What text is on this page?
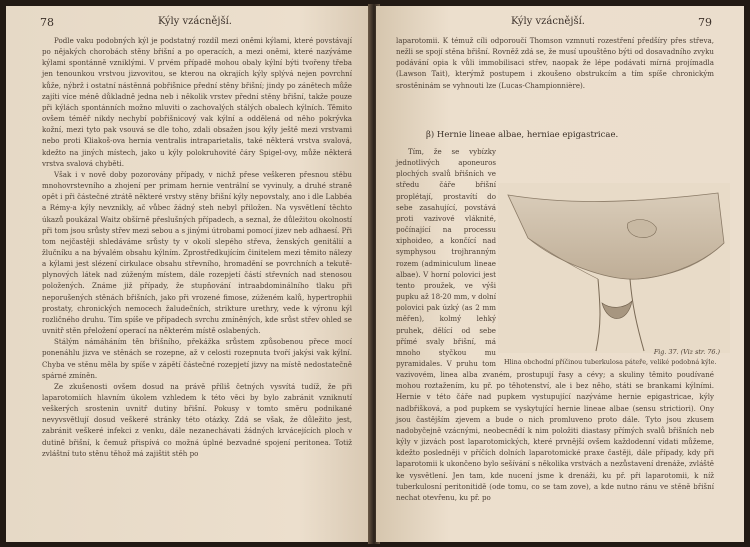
78	Kýly vzácnější.

Podle vaku podobných kýl je podstatný rozdíl mezi oněmi kýlami, které povstávají po nějakých chorobách stěny břišní a po operacích, a mezi oněmi, které nazýváme kýlami spontánně vzniklými. V prvém případě mohou obaly kýlní býti tvořeny třeba jen tenounkou vrstvou jizvovitou, se kterou na okrajích kýly splývá nejen povrchní kůže, nýbrž i ostatní nástěnná pobřišnice přední stěny břišní; jindy po zánětech může zajíti více méně důkladně jedna neb i několik vrstev přední stěny břišní, takže pouze při kýlách spontánních možno mluviti o zachovalých stálých obalech kýlních. Těmito ovšem téměř nikdy nechybí pobřišnicový vak kýlní a oddělená od něho pokrývka kožní, mezi tyto pak vsouvá se dle toho, zdali obsažen jsou kýly ještě mezi vrstvami nebo proti Kliakoš-ova hernia ventralis intraparietalis, také některá vrstva svalová, kdežto na jiných místech, jako u kýly polokruhovité čáry Spigel-ovy, může některá vrstva svalová chyběti.

Však i v nově doby pozorovány případy, v nichž přese veškeren přesnou stěbu mnohovrstevního a zhojení per primam hernie ventrální se vyvinuly, a druhé straně opět i při částečné ztrátě některé vrstvy stěny břišní kýly nepovstaly, ano i dle Labbéa a Rémy-a kýly nevznikly, ač vůbec žádný steh nebyl přiložen. Na vysvětlení těchto úkazů poukázal Waitz obšírně přeslušných případech, a seznal, že důležitou okolností při tom jsou srůsty střev mezi sebou a s jinými útrobami pomocí jizev neb adhaesí. Při tom nejčastěji shledáváme srůsty ty v okolí slepého střeva, ženských genitálií a žlučníku a na bývalém obsahu kýlním. Zprostředkujícím činitelem mezi těmito nálezy a kýlami jest slézení cirkulace obsahu střevního, hromadění se povrchních a tekutě-plynových látek nad zúženým místem, dále rozepjetí částí střevních nad stenosou položených. Známe již případy, že stupňování intraabdominálního tlaku při neporušených stěnách břišních, jako při vrozené fimose, zúženém kalů, hypertrophii prostaty, chronických nemocech žaludečních, strikture urethry, vede k výronu kýl rozličného druhu. Tím spíše ve případech svrchu zmíněných, kde srůst střev ohled se uvnitř stěn přeložení operací na některém místě oslabených.

Stálým námáháním těn břišního, překážka srůstem způsobenou přece mocí ponenáhlu jizva ve stěnách se rozepne, až v celosti rozepnuta tvoří jakýsi vak kýlní. Chyba ve stěnu měla by spíše v zápětí částečné rozepjetí jizvy na místě nedostatečně spárné zmíněn.

Ze zkušenosti ovšem dosud na právě příliš četných vysvítá tudíž, že při laparotomiích hlavním úkolem vzhledem k této věci by bylo zabránit vzniknutí veškerých srostenin uvnitř dutiny břišní. Pokusy v tomto směru podnikané nevyvsvětlují dosud veškeré stránky této otázky. Zdá se však, že důležito jest, zabránit veškeré infekci z venku, dále nezanechávati žádných krvácejících ploch v dutině břišní, k čemuž přispívá co možná úplné bezvadné spojení peritonea. Totiž zvláštní tuto stěnu těhož má zajištit stěh po

Kýly vzácnější.	79

laparotomii. K témuž cíli odporoučí Thomson vzmnutí rozestření předšíry přes střeva, nežli se spojí stěna břišní. Rovněž zdá se, že musí upouštěno býti od dosavadního zvyku podávání opia k vůli immobilisaci střev, naopak že lépe podávati mírná projímadla (Lawson Tait), kterýmž postupem i zkoušeno obstrukcím a tím spíše chronickým srostěninám se vyhnouti lze (Lucas-Championnière).

β) Hernie lineae albae, herniae epigastricae.

Tím, že se vybízky jednotlivých aponeuros plochých svalů břišních ve středu čáře břišní proplétají, prostavítí do sebe zasahující, povstává proti vazivové vláknité, počínající na processu xiphoideo, a končící nad symphysou trojhranným rozem (adminiculum lineae albae). V horní polovici jest tento proužek, ve výši pupku až 18-20 mm, v dolní polovici pak úzký (as 2 mm měřen), kolmý lehký pruhek, dělící od sebe přímé svaly břišní, má mnoho styčkou mu pyramidales. V pruhu tom vazivovém, linea alba zvaném, prostupují řasy a cévy; a skuliny těmito poudívané mohou roztažením, ku př. po těhotenství, ale i bez něho, státi se brankami kýlními. Hernie v této čáře nad pupkem vystupující nazýváme hernie epigastricae, kýly nadbřišková, a pod pupkem se vyskytující hernie lineae albae (sensu strictiori). Ony jsou častějším zjevem a bude o nich promluveno proto dále. Tyto jsou zkusem nadobyčejně vzácnými, neobecnědí k nim položiti diastasy přímých svalů břišních neb kýly v jizvách post laparotomických, které prvnější ovšem každodenní vídati můžeme, kdežto posledněji v příčích dolních laparotomické praxe častěji, dále případy, kdy při laparotomii k ukončeno bylo sešívání s několika vrstvách a nezůstavení drenáže, zvláště ke vysvětlení. Jen tam, kde nucení jsme k drenáži, ku př. při laparotomii, k níž tuberkulosní peritonitidě (ode tomu, co se tam zove), a kde nutno ránu ve stěně břišní nechat otevřenu, ku př. po

Fig. 37. (Viz str. 76.)
Hlina obchodní příčinou tuberkulosa páteře, veliké podobná kýle.
